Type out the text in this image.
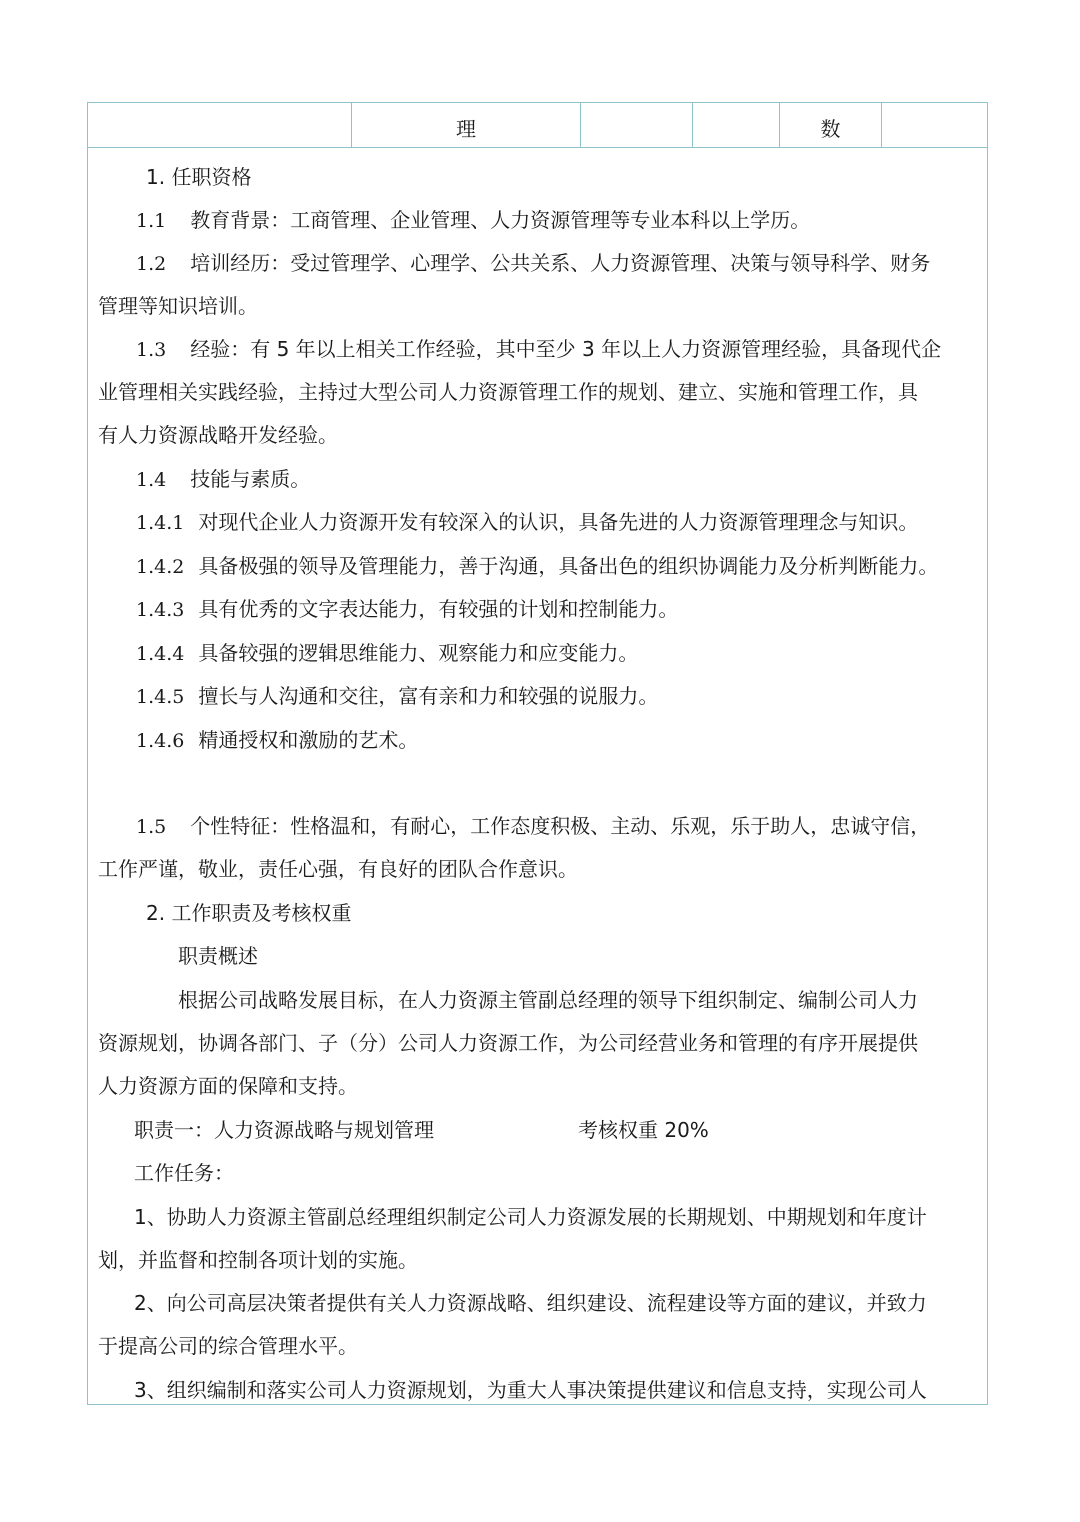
理	数
1. 任职资格
1.1 教育背景：工商管理、企业管理、人力资源管理等专业本科以上学历。
1.2 培训经历：受过管理学、心理学、公共关系、人力资源管理、决策与领导科学、财务
管理等知识培训。
1.3 经验：有 5 年以上相关工作经验，其中至少 3 年以上人力资源管理经验，具备现代企
业管理相关实践经验，主持过大型公司人力资源管理工作的规划、建立、实施和管理工作，具
有人力资源战略开发经验。
1.4 技能与素质。
1.4.1 对现代企业人力资源开发有较深入的认识，具备先进的人力资源管理理念与知识。
1.4.2 具备极强的领导及管理能力，善于沟通，具备出色的组织协调能力及分析判断能力。
1.4.3 具有优秀的文字表达能力，有较强的计划和控制能力。
1.4.4 具备较强的逻辑思维能力、观察能力和应变能力。
1.4.5 擅长与人沟通和交往，富有亲和力和较强的说服力。
1.4.6 精通授权和激励的艺术。
1.5 个性特征：性格温和，有耐心，工作态度积极、主动、乐观，乐于助人，忠诚守信，
工作严谨，敬业，责任心强，有良好的团队合作意识。
2. 工作职责及考核权重
职责概述
根据公司战略发展目标，在人力资源主管副总经理的领导下组织制定、编制公司人力
资源规划，协调各部门、子（分）公司人力资源工作，为公司经营业务和管理的有序开展提供
人力资源方面的保障和支持。
职责一：人力资源战略与规划管理	考核权重 20%
工作任务：
1、协助人力资源主管副总经理组织制定公司人力资源发展的长期规划、中期规划和年度计
划，并监督和控制各项计划的实施。
2、向公司高层决策者提供有关人力资源战略、组织建设、流程建设等方面的建议，并致力
于提高公司的综合管理水平。
3、组织编制和落实公司人力资源规划，为重大人事决策提供建议和信息支持，实现公司人
